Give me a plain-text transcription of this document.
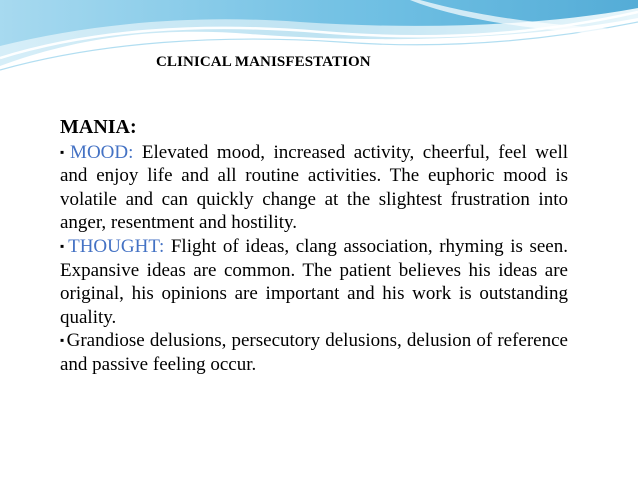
CLINICAL MANISFESTATION
MANIA:

▪ MOOD: Elevated mood, increased activity, cheerful, feel well and enjoy life and all routine activities. The euphoric mood is volatile and can quickly change at the slightest frustration into anger, resentment and hostility.

▪ THOUGHT: Flight of ideas, clang association, rhyming is seen. Expansive ideas are common. The patient believes his ideas are original, his opinions are important and his work is outstanding quality.

▪ Grandiose delusions, persecutory delusions, delusion of reference and passive feeling occur.
